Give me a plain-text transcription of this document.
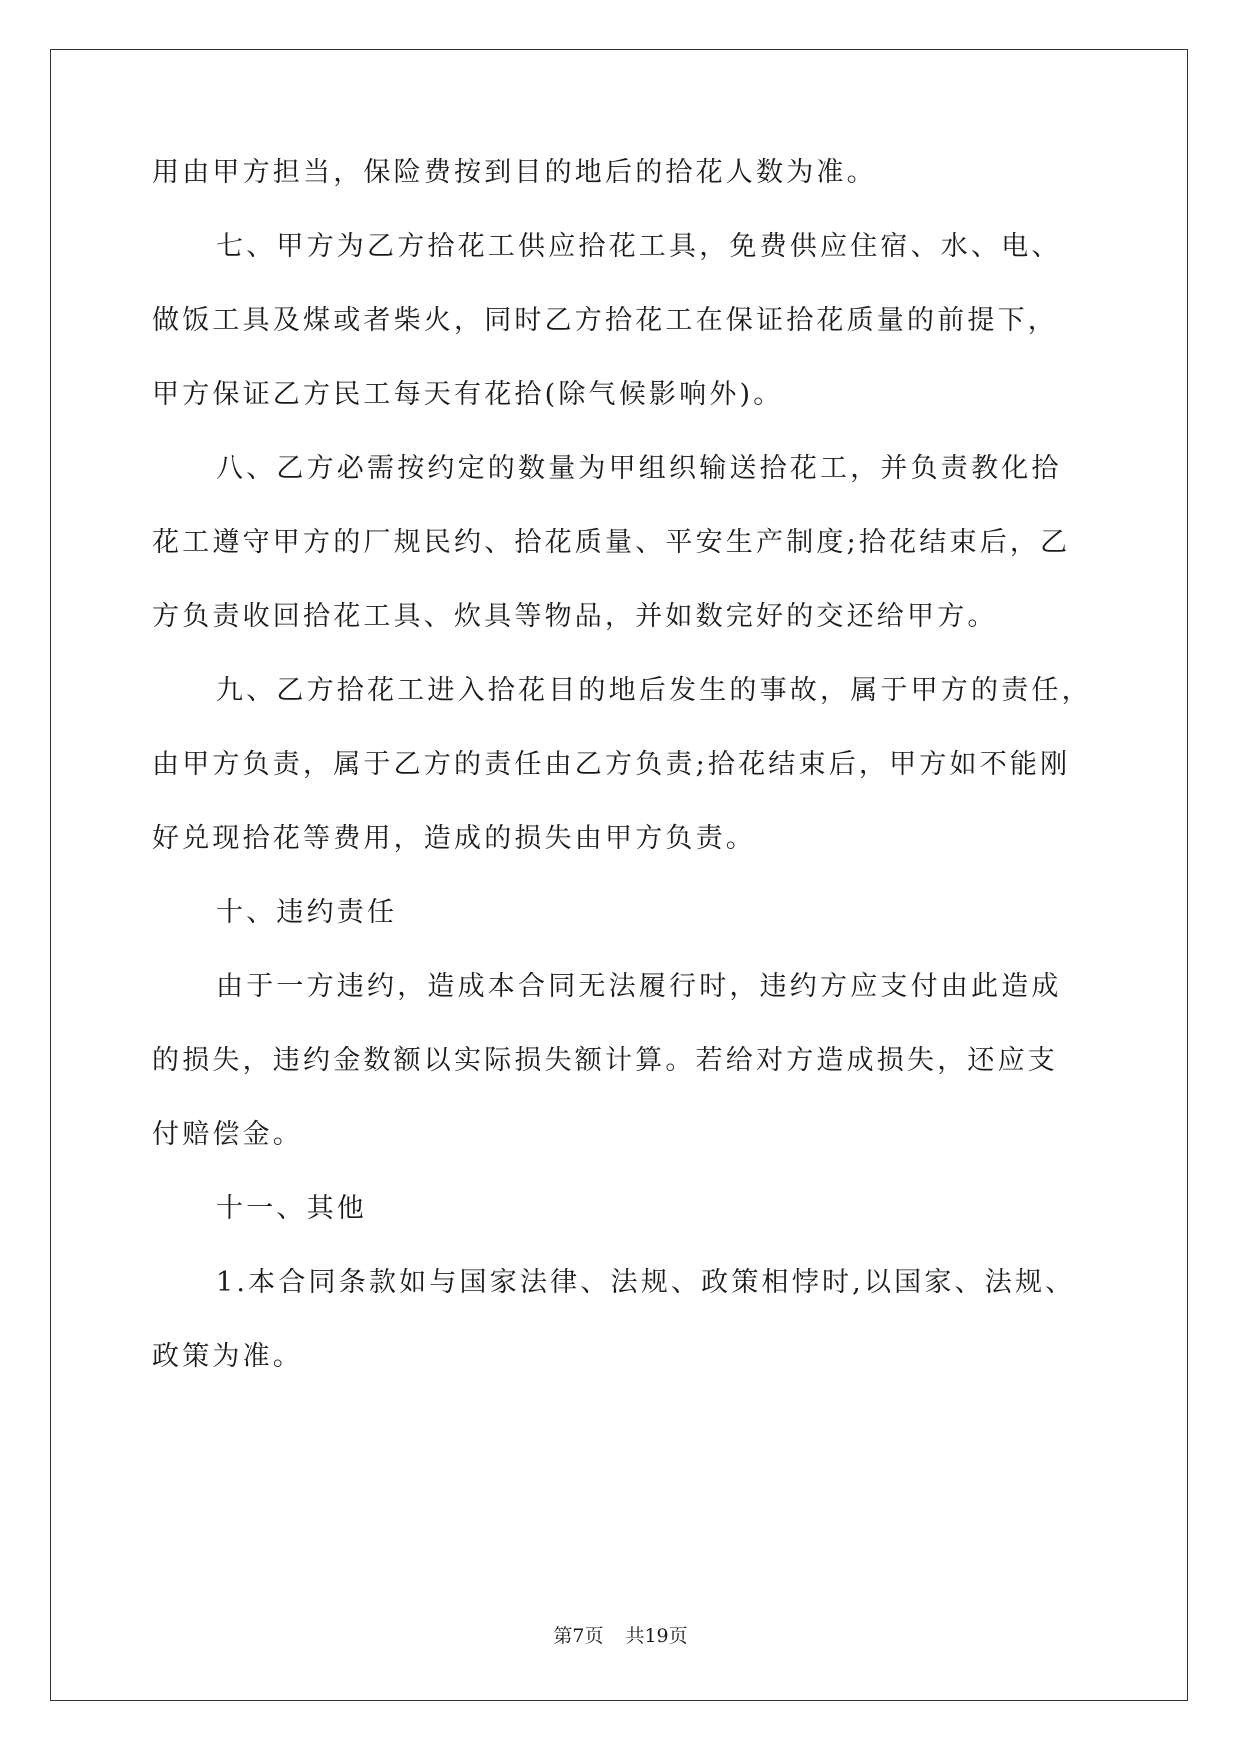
用由甲方担当，保险费按到目的地后的拾花人数为准。
七、甲方为乙方拾花工供应拾花工具，免费供应住宿、水、电、
做饭工具及煤或者柴火，同时乙方拾花工在保证拾花质量的前提下，
甲方保证乙方民工每天有花拾(除气候影响外)。
八、乙方必需按约定的数量为甲组织输送拾花工，并负责教化拾
花工遵守甲方的厂规民约、拾花质量、平安生产制度;拾花结束后，乙
方负责收回拾花工具、炊具等物品，并如数完好的交还给甲方。
九、乙方拾花工进入拾花目的地后发生的事故，属于甲方的责任，
由甲方负责，属于乙方的责任由乙方负责;拾花结束后，甲方如不能刚
好兑现拾花等费用，造成的损失由甲方负责。
十、违约责任
由于一方违约，造成本合同无法履行时，违约方应支付由此造成
的损失，违约金数额以实际损失额计算。若给对方造成损失，还应支
付赔偿金。
十一、其他
1.本合同条款如与国家法律、法规、政策相悖时,以国家、法规、
政策为准。
第7页 共19页
